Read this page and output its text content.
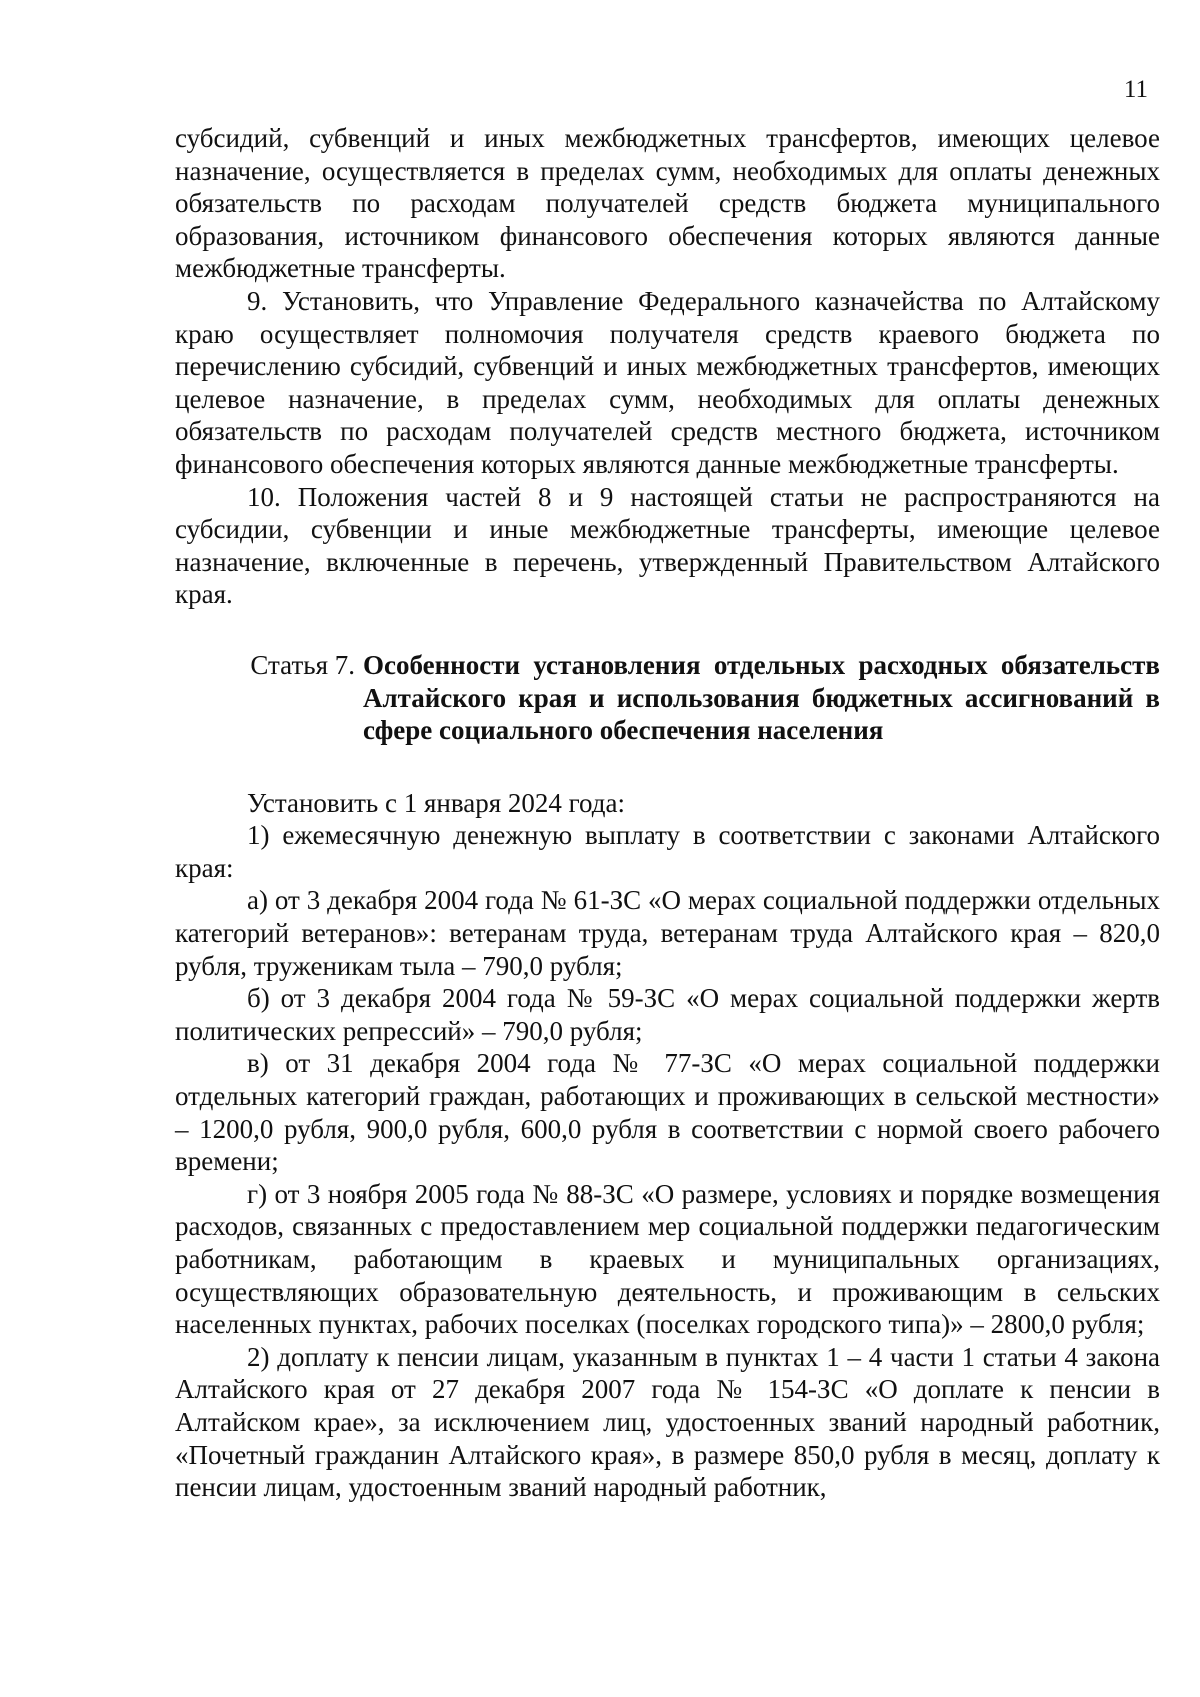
11

субсидий, субвенций и иных межбюджетных трансфертов, имеющих целевое назначение, осуществляется в пределах сумм, необходимых для оплаты денежных обязательств по расходам получателей средств бюджета муниципального образования, источником финансового обеспечения которых являются данные межбюджетные трансферты.

9. Установить, что Управление Федерального казначейства по Алтайскому краю осуществляет полномочия получателя средств краевого бюджета по перечислению субсидий, субвенций и иных межбюджетных трансфертов, имеющих целевое назначение, в пределах сумм, необходимых для оплаты денежных обязательств по расходам получателей средств местного бюджета, источником финансового обеспечения которых являются данные межбюджетные трансферты.

10. Положения частей 8 и 9 настоящей статьи не распространяются на субсидии, субвенции и иные межбюджетные трансферты, имеющие целевое назначение, включенные в перечень, утвержденный Правительством Алтайского края.

Статья 7. Особенности установления отдельных расходных обязательств Алтайского края и использования бюджетных ассигнований в сфере социального обеспечения населения

Установить с 1 января 2024 года:

1) ежемесячную денежную выплату в соответствии с законами Алтайского края:

а) от 3 декабря 2004 года № 61-ЗС «О мерах социальной поддержки отдельных категорий ветеранов»: ветеранам труда, ветеранам труда Алтайского края – 820,0 рубля, труженикам тыла – 790,0 рубля;

б) от 3 декабря 2004 года № 59-ЗС «О мерах социальной поддержки жертв политических репрессий» – 790,0 рубля;

в) от 31 декабря 2004 года № 77-ЗС «О мерах социальной поддержки отдельных категорий граждан, работающих и проживающих в сельской местности» – 1200,0 рубля, 900,0 рубля, 600,0 рубля в соответствии с нормой своего рабочего времени;

г) от 3 ноября 2005 года № 88-ЗС «О размере, условиях и порядке возмещения расходов, связанных с предоставлением мер социальной поддержки педагогическим работникам, работающим в краевых и муниципальных организациях, осуществляющих образовательную деятельность, и проживающим в сельских населенных пунктах, рабочих поселках (поселках городского типа)» – 2800,0 рубля;

2) доплату к пенсии лицам, указанным в пунктах 1 – 4 части 1 статьи 4 закона Алтайского края от 27 декабря 2007 года № 154-ЗС «О доплате к пенсии в Алтайском крае», за исключением лиц, удостоенных званий народный работник, «Почетный гражданин Алтайского края», в размере 850,0 рубля в месяц, доплату к пенсии лицам, удостоенным званий народный работник,
